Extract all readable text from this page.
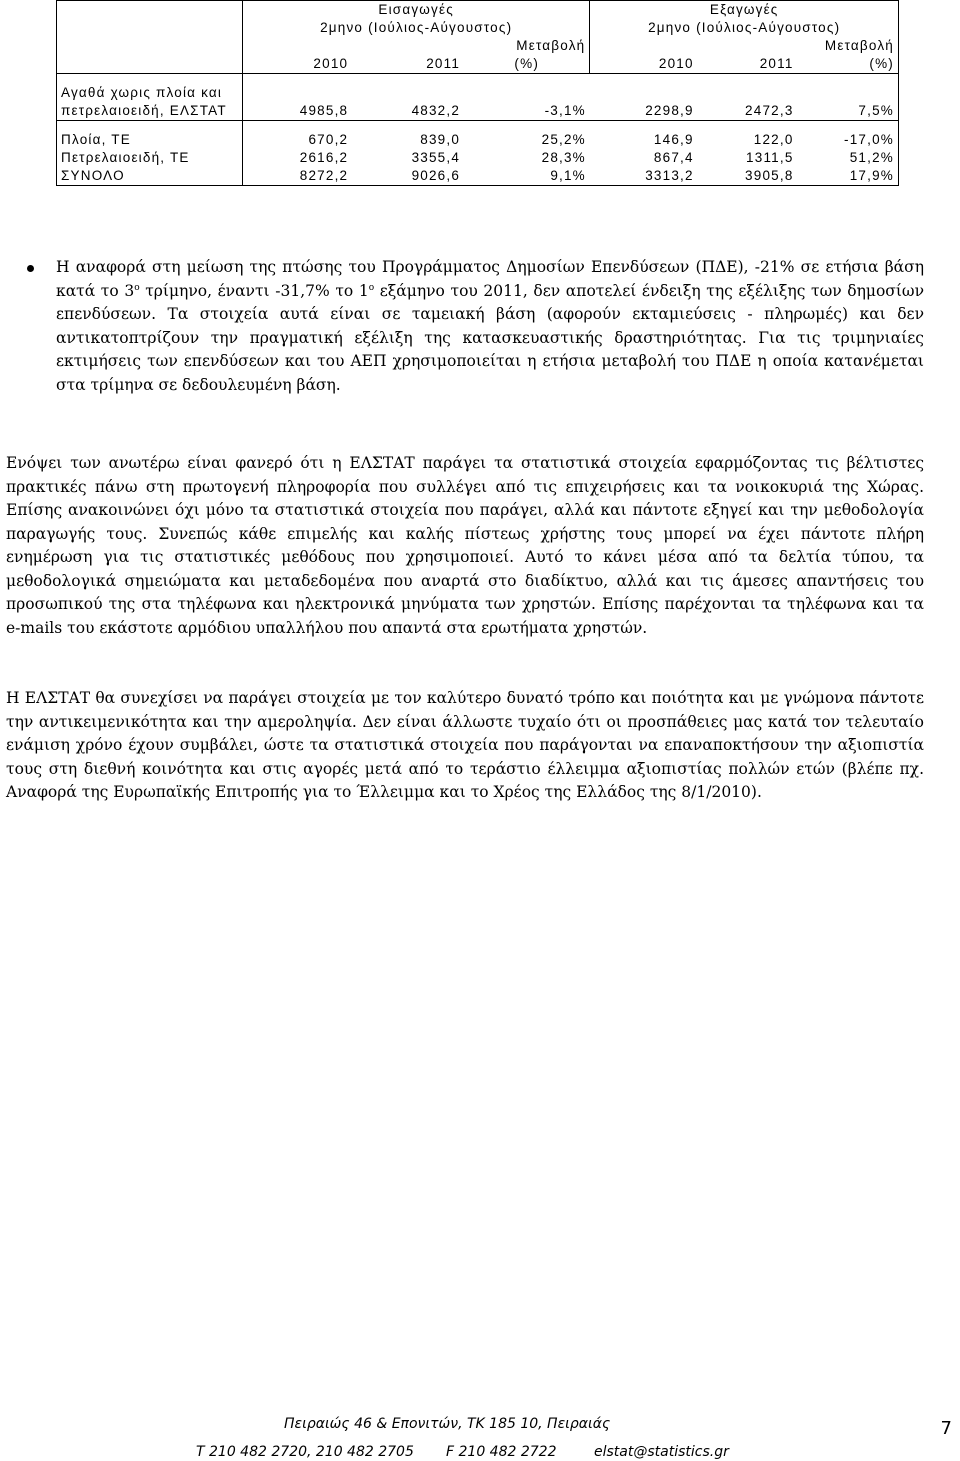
	Εισαγωγές			Εξαγωγές		
	2μηνο (Ιούλιος-Αύγουστος)			2μηνο (Ιούλιος-Αύγουστος)		
			Μεταβολή			Μεταβολή
	2010	2011	(%)	2010	2011	(%)

Αγαθά χωρις πλοία και						
πετρελαιοειδή, ΕΛΣΤΑΤ	4985,8	4832,2	-3,1%	2298,9	2472,3	7,5%

Πλοία, ΤΕ	670,2	839,0	25,2%	146,9	122,0	-17,0%
Πετρελαιοειδή, ΤΕ	2616,2	3355,4	28,3%	867,4	1311,5	51,2%
ΣΥΝΟΛΟ	8272,2	9026,6	9,1%	3313,2	3905,8	17,9%
Η αναφορά στη μείωση της πτώσης του Προγράμματος Δημοσίων Επενδύσεων (ΠΔΕ), -21% σε ετήσια βάση κατά το $3^o$ τρίμηνο, έναντι -31,7% το $1^o$ εξάμηνο του 2011, δεν αποτελεί ένδειξη της εξέλιξης των δημοσίων επενδύσεων. Τα στοιχεία αυτά είναι σε ταμειακή βάση (αφορούν εκταμιεύσεις - πληρωμές) και δεν αντικατοπτρίζουν την πραγματική εξέλιξη της κατασκευαστικής δραστηριότητας. Για τις τριμηνιαίες εκτιμήσεις των επενδύσεων και του ΑΕΠ χρησιμοποιείται η ετήσια μεταβολή του ΠΔΕ η οποία κατανέμεται στα τρίμηνα σε δεδουλευμένη βάση.
Ενόψει των ανωτέρω είναι φανερό ότι η ΕΛΣΤΑΤ παράγει τα στατιστικά στοιχεία εφαρμόζοντας τις βέλτιστες πρακτικές πάνω στη πρωτογενή πληροφορία που συλλέγει από τις επιχειρήσεις και τα νοικοκυριά της Χώρας. Επίσης ανακοινώνει όχι μόνο τα στατιστικά στοιχεία που παράγει, αλλά και πάντοτε εξηγεί και την μεθοδολογία παραγωγής τους. Συνεπώς κάθε επιμελής και καλής πίστεως χρήστης τους μπορεί να έχει πάντοτε πλήρη ενημέρωση για τις στατιστικές μεθόδους που χρησιμοποιεί. Αυτό το κάνει μέσα από τα δελτία τύπου, τα μεθοδολογικά σημειώματα και μεταδεδομένα που αναρτά στο διαδίκτυο, αλλά και τις άμεσες απαντήσεις του προσωπικού της στα τηλέφωνα και ηλεκτρονικά μηνύματα των χρηστών. Επίσης παρέχονται τα τηλέφωνα και τα e-mails του εκάστοτε αρμόδιου υπαλλήλου που απαντά στα ερωτήματα χρηστών.
Η ΕΛΣΤΑΤ θα συνεχίσει να παράγει στοιχεία με τον καλύτερο δυνατό τρόπο και ποιότητα και με γνώμονα πάντοτε την αντικειμενικότητα και την αμεροληψία. Δεν είναι άλλωστε τυχαίο ότι οι προσπάθειες μας κατά τον τελευταίο ενάμιση χρόνο έχουν συμβάλει, ώστε τα στατιστικά στοιχεία που παράγονται να επαναποκτήσουν την αξιοπιστία τους στη διεθνή κοινότητα και στις αγορές μετά από το τεράστιο έλλειμμα αξιοπιστίας πολλών ετών (βλέπε πχ. Αναφορά της Ευρωπαϊκής Επιτροπής για το Έλλειμμα και το Χρέος της Ελλάδος της 8/1/2010).
Πειραιώς 46 & Επονιτών, ΤΚ 185 10, Πειραιάς
Τ 210 482 2720, 210 482 2705 F 210 482 2722	elstat@statistics.gr
7
